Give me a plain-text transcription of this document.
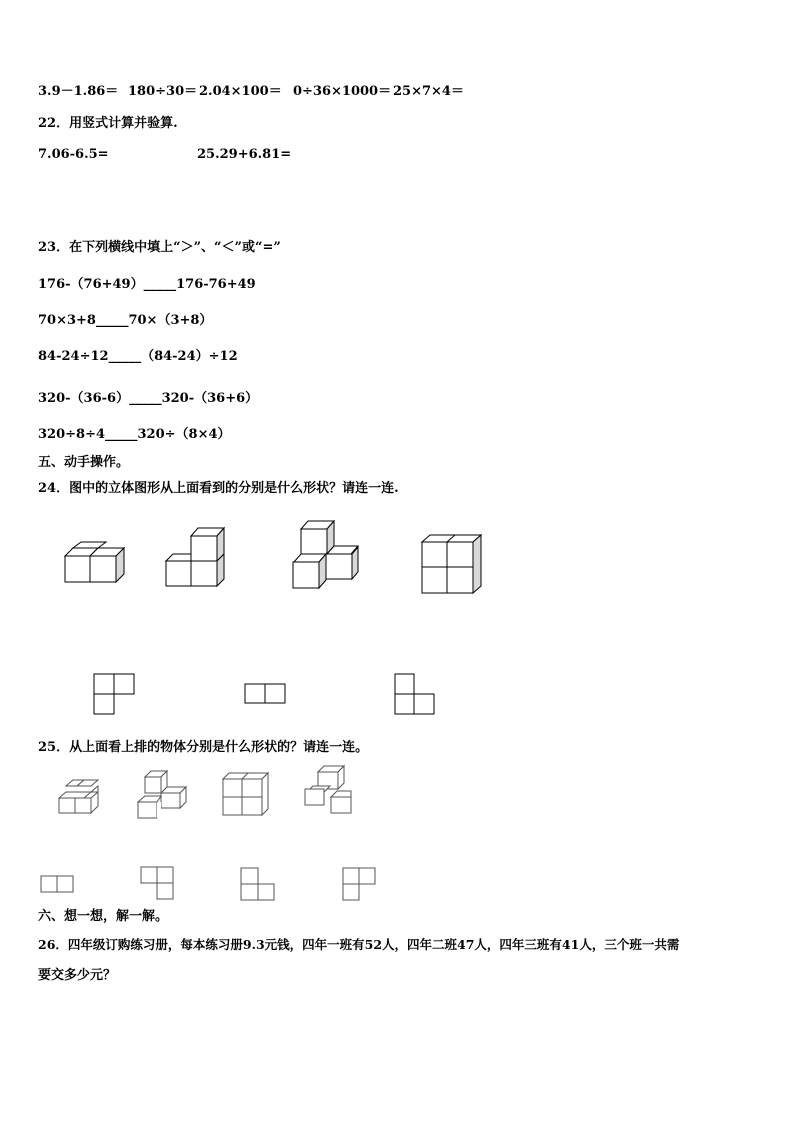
3.9－1.86＝ 180÷30＝ 2.04×100＝ 0÷36×1000＝ 25×7×4＝
22．用竖式计算并验算.
7.06-6.5=	25.29+6.81=
23．在下列横线中填上“＞”、“＜”或“=”
176-（76+49）_____176-76+49
70×3+8_____70×（3+8）
84-24÷12_____（84-24）÷12
320-（36-6）_____320-（36+6）
320÷8÷4_____320÷（8×4）
五、动手操作。
24．图中的立体图形从上面看到的分别是什么形状？请连一连.
25．从上面看上排的物体分别是什么形状的？请连一连。
六、想一想，解一解。
26．四年级订购练习册，每本练习册9.3元钱，四年一班有52人，四年二班47人，四年三班有41人，三个班一共需
要交多少元？
